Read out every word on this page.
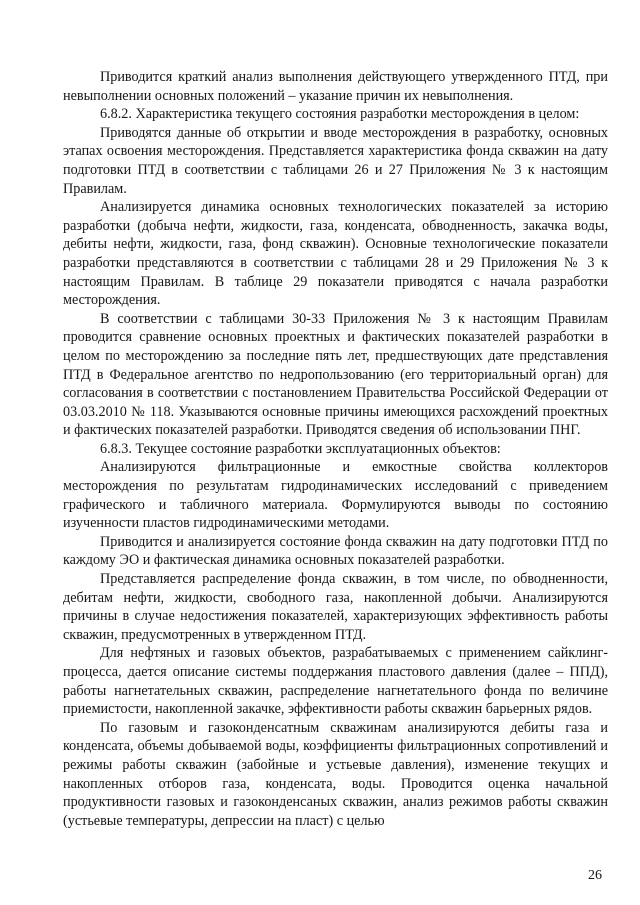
Приводится краткий анализ выполнения действующего утвержденного ПТД, при невыполнении основных положений – указание причин их невыполнения.

6.8.2. Характеристика текущего состояния разработки месторождения в целом:

Приводятся данные об открытии и вводе месторождения в разработку, основных этапах освоения месторождения. Представляется характеристика фонда скважин на дату подготовки ПТД в соответствии с таблицами 26 и 27 Приложения № 3 к настоящим Правилам.

Анализируется динамика основных технологических показателей за историю разработки (добыча нефти, жидкости, газа, конденсата, обводненность, закачка воды, дебиты нефти, жидкости, газа, фонд скважин). Основные технологические показатели разработки представляются в соответствии с таблицами 28 и 29 Приложения № 3 к настоящим Правилам. В таблице 29 показатели приводятся с начала разработки месторождения.

В соответствии с таблицами 30-33 Приложения № 3 к настоящим Правилам проводится сравнение основных проектных и фактических показателей разработки в целом по месторождению за последние пять лет, предшествующих дате представления ПТД в Федеральное агентство по недропользованию (его территориальный орган) для согласования в соответствии с постановлением Правительства Российской Федерации от 03.03.2010 № 118. Указываются основные причины имеющихся расхождений проектных и фактических показателей разработки. Приводятся сведения об использовании ПНГ.

6.8.3. Текущее состояние разработки эксплуатационных объектов:

Анализируются фильтрационные и емкостные свойства коллекторов месторождения по результатам гидродинамических исследований с приведением графического и табличного материала. Формулируются выводы по состоянию изученности пластов гидродинамическими методами.

Приводится и анализируется состояние фонда скважин на дату подготовки ПТД по каждому ЭО и фактическая динамика основных показателей разработки.

Представляется распределение фонда скважин, в том числе, по обводненности, дебитам нефти, жидкости, свободного газа, накопленной добычи. Анализируются причины в случае недостижения показателей, характеризующих эффективность работы скважин, предусмотренных в утвержденном ПТД.

Для нефтяных и газовых объектов, разрабатываемых с применением сайклинг-процесса, дается описание системы поддержания пластового давления (далее – ППД), работы нагнетательных скважин, распределение нагнетательного фонда по величине приемистости, накопленной закачке, эффективности работы скважин барьерных рядов.

По газовым и газоконденсатным скважинам анализируются дебиты газа и конденсата, объемы добываемой воды, коэффициенты фильтрационных сопротивлений и режимы работы скважин (забойные и устьевые давления), изменение текущих и накопленных отборов газа, конденсата, воды. Проводится оценка начальной продуктивности газовых и газоконденсаных скважин, анализ режимов работы скважин (устьевые температуры, депрессии на пласт) с целью

26
